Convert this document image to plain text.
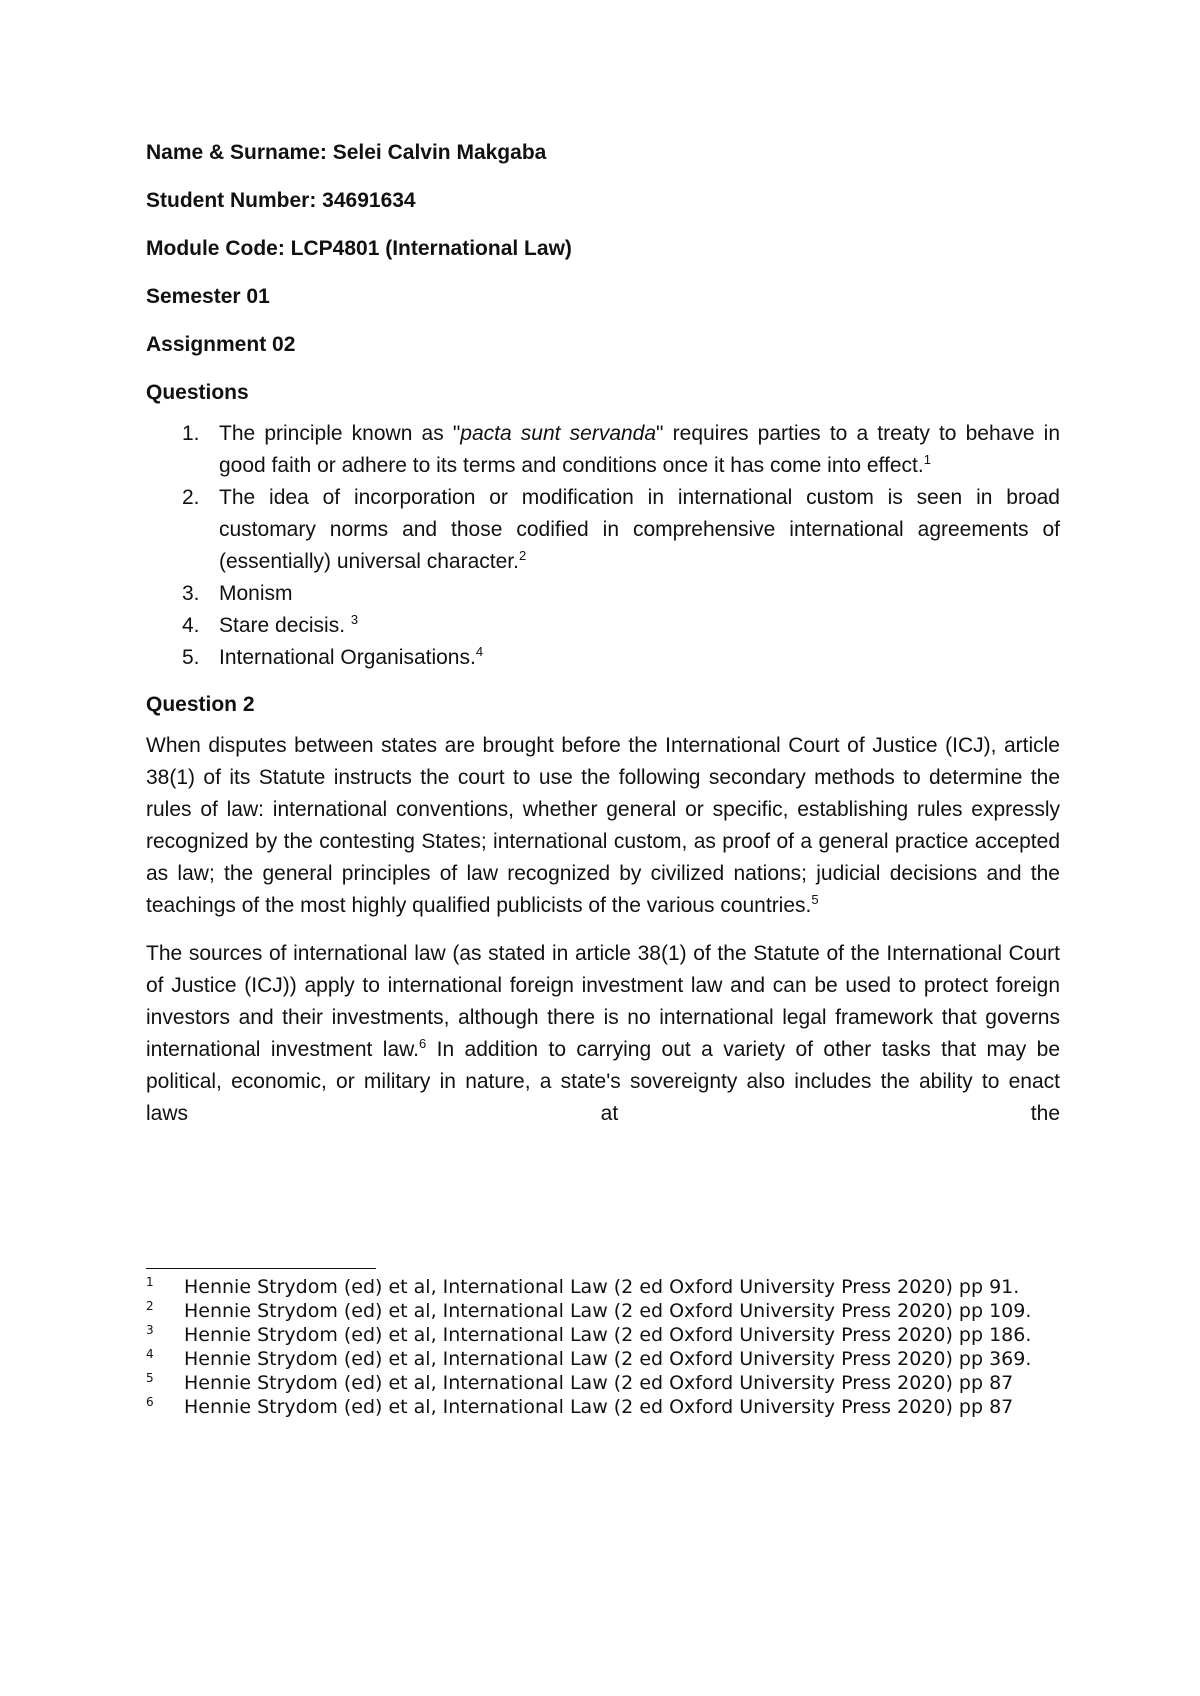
Name & Surname: Selei Calvin Makgaba
Student Number: 34691634
Module Code: LCP4801 (International Law)
Semester 01
Assignment 02
Questions
1. The principle known as "pacta sunt servanda" requires parties to a treaty to behave in good faith or adhere to its terms and conditions once it has come into effect.$^1$
2. The idea of incorporation or modification in international custom is seen in broad customary norms and those codified in comprehensive international agreements of (essentially) universal character.$^2$
3. Monism
4. Stare decisis. $^3$
5. International Organisations.$^4$
Question 2

When disputes between states are brought before the International Court of Justice (ICJ), article 38(1) of its Statute instructs the court to use the following secondary methods to determine the rules of law: international conventions, whether general or specific, establishing rules expressly recognized by the contesting States; international custom, as proof of a general practice accepted as law; the general principles of law recognized by civilized nations; judicial decisions and the teachings of the most highly qualified publicists of the various countries.$^5$

The sources of international law (as stated in article 38(1) of the Statute of the International Court of Justice (ICJ)) apply to international foreign investment law and can be used to protect foreign investors and their investments, although there is no international legal framework that governs international investment law.$^6$ In addition to carrying out a variety of other tasks that may be political, economic, or military in nature, a state's sovereignty also includes the ability to enact laws at the

1 Hennie Strydom (ed) et al, International Law (2 ed Oxford University Press 2020) pp 91.
2 Hennie Strydom (ed) et al, International Law (2 ed Oxford University Press 2020) pp 109.
3 Hennie Strydom (ed) et al, International Law (2 ed Oxford University Press 2020) pp 186.
4 Hennie Strydom (ed) et al, International Law (2 ed Oxford University Press 2020) pp 369.
5 Hennie Strydom (ed) et al, International Law (2 ed Oxford University Press 2020) pp 87
6 Hennie Strydom (ed) et al, International Law (2 ed Oxford University Press 2020) pp 87
